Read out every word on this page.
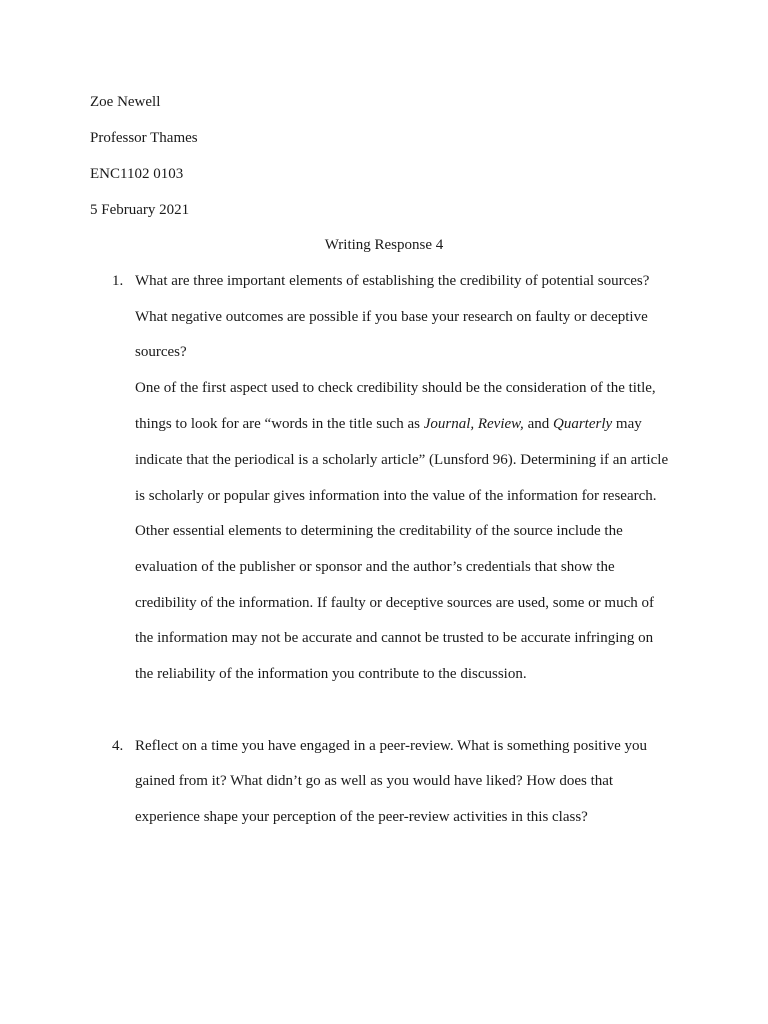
Zoe Newell
Professor Thames
ENC1102 0103
5 February 2021
Writing Response 4
1. What are three important elements of establishing the credibility of potential sources?
What negative outcomes are possible if you base your research on faulty or deceptive
sources?
One of the first aspect used to check credibility should be the consideration of the title,
things to look for are “words in the title such as Journal, Review, and Quarterly may
indicate that the periodical is a scholarly article” (Lunsford 96). Determining if an article
is scholarly or popular gives information into the value of the information for research.
Other essential elements to determining the creditability of the source include the
evaluation of the publisher or sponsor and the author’s credentials that show the
credibility of the information. If faulty or deceptive sources are used, some or much of
the information may not be accurate and cannot be trusted to be accurate infringing on
the reliability of the information you contribute to the discussion.
4. Reflect on a time you have engaged in a peer-review. What is something positive you
gained from it? What didn’t go as well as you would have liked? How does that
experience shape your perception of the peer-review activities in this class?
